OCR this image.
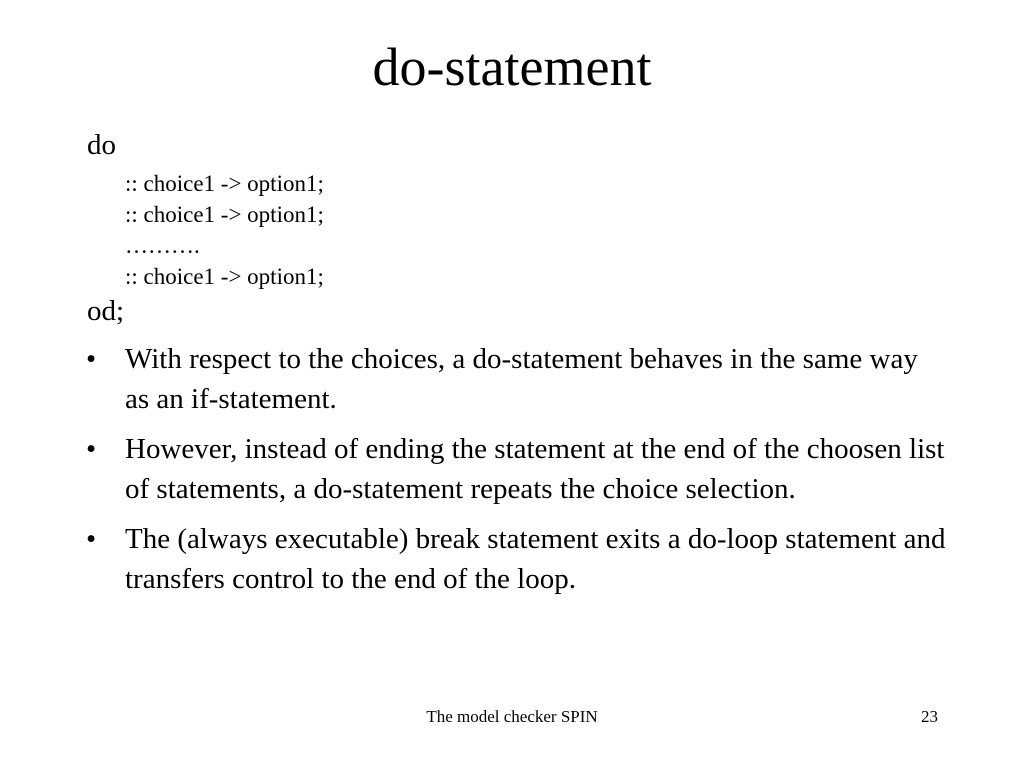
do-statement
do
:: choice1 -> option1;
:: choice1 -> option1;
……….
:: choice1 -> option1;
od;
• With respect to the choices, a do-statement behaves in the same way as an if-statement.
• However, instead of ending the statement at the end of the choosen list of statements, a do-statement repeats the choice selection.
• The (always executable) break statement exits a do-loop statement and transfers control to the end of the loop.
The model checker SPIN	23
